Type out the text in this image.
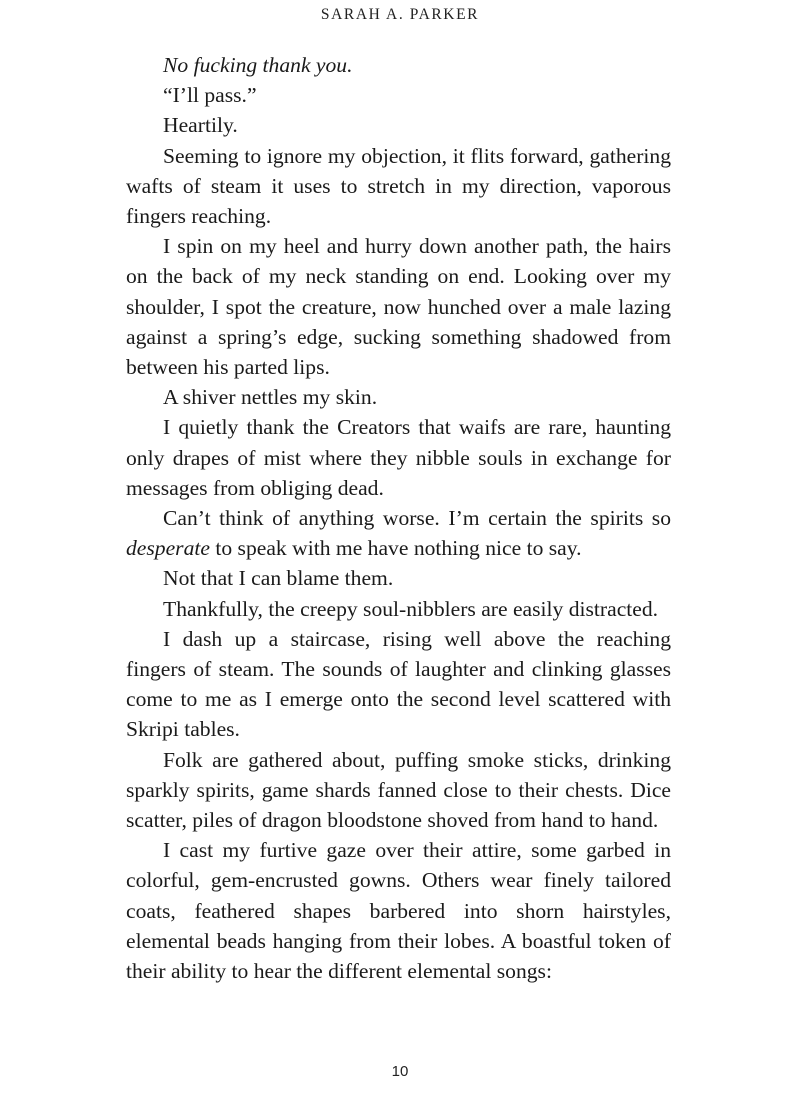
SARAH A. PARKER

No fucking thank you.

“I’ll pass.”

Heartily.

Seeming to ignore my objection, it flits forward, gathering wafts of steam it uses to stretch in my direction, vaporous fingers reaching.

I spin on my heel and hurry down another path, the hairs on the back of my neck standing on end. Looking over my shoulder, I spot the creature, now hunched over a male lazing against a spring’s edge, sucking something shadowed from between his parted lips.

A shiver nettles my skin.

I quietly thank the Creators that waifs are rare, haunting only drapes of mist where they nibble souls in exchange for messages from obliging dead.

Can’t think of anything worse. I’m certain the spirits so desperate to speak with me have nothing nice to say.

Not that I can blame them.

Thankfully, the creepy soul-nibblers are easily distracted.

I dash up a staircase, rising well above the reaching fingers of steam. The sounds of laughter and clinking glasses come to me as I emerge onto the second level scattered with Skripi tables.

Folk are gathered about, puffing smoke sticks, drinking sparkly spirits, game shards fanned close to their chests. Dice scatter, piles of dragon bloodstone shoved from hand to hand.

I cast my furtive gaze over their attire, some garbed in colorful, gem-encrusted gowns. Others wear finely tailored coats, feathered shapes barbered into shorn hairstyles, elemental beads hanging from their lobes. A boastful token of their ability to hear the different elemental songs:

10
